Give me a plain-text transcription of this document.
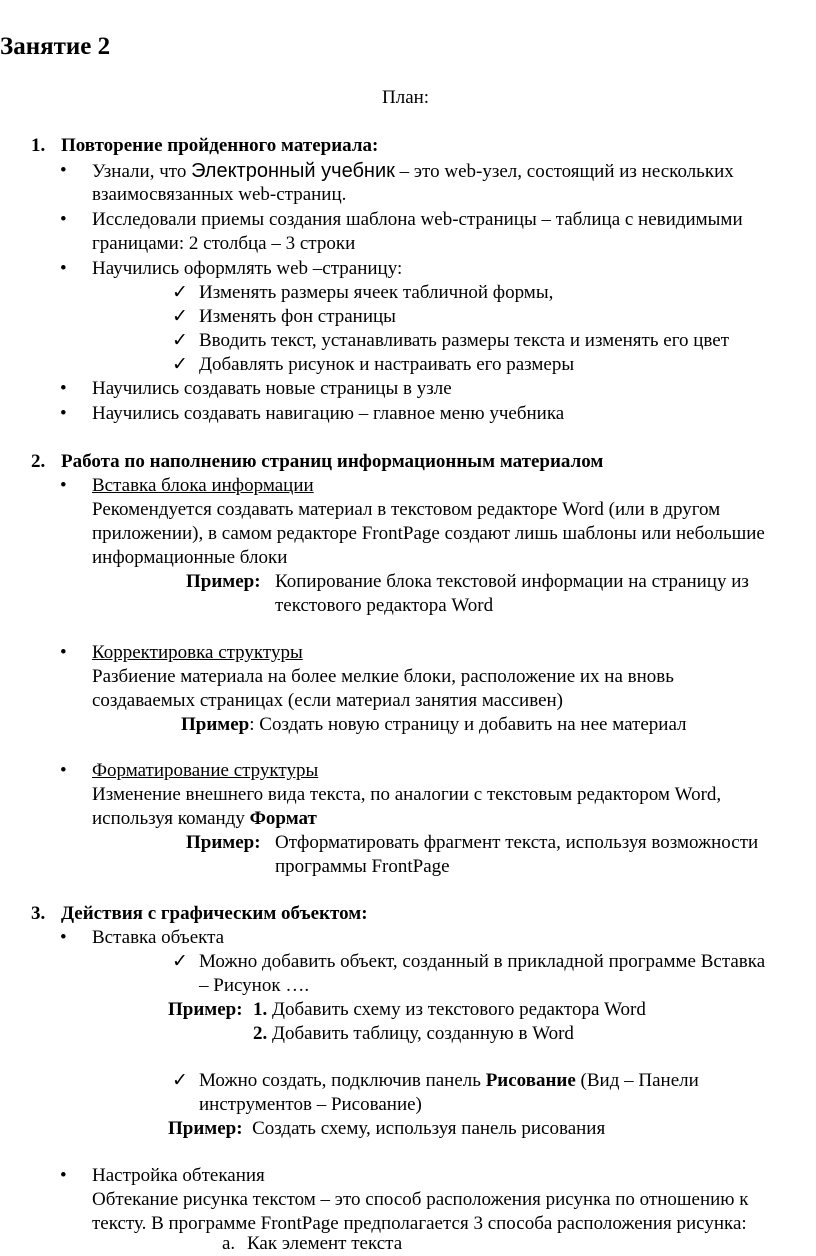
Занятие 2
План:
1. Повторение пройденного материала:
• Узнали, что Электронный учебник – это web-узел, состоящий из нескольких
взаимосвязанных web-страниц.
• Исследовали приемы создания шаблона web-страницы – таблица с невидимыми
границами: 2 столбца – 3 строки
• Научились оформлять web –страницу:
✓ Изменять размеры ячеек табличной формы,
✓ Изменять фон страницы
✓ Вводить текст, устанавливать размеры текста и изменять его цвет
✓ Добавлять рисунок и настраивать его размеры
• Научились создавать новые страницы в узле
• Научились создавать навигацию – главное меню учебника
2. Работа по наполнению страниц информационным материалом
• Вставка блока информации
Рекомендуется создавать материал в текстовом редакторе Word (или в другом
приложении), в самом редакторе FrontPage создают лишь шаблоны или небольшие
информационные блоки
Пример: Копирование блока текстовой информации на страницу из
текстового редактора Word
• Корректировка структуры
Разбиение материала на более мелкие блоки, расположение их на вновь
создаваемых страницах (если материал занятия массивен)
Пример: Создать новую страницу и добавить на нее материал
• Форматирование структуры
Изменение внешнего вида текста, по аналогии с текстовым редактором Word,
используя команду Формат
Пример: Отформатировать фрагмент текста, используя возможности
программы FrontPage
3. Действия с графическим объектом:
• Вставка объекта
✓ Можно добавить объект, созданный в прикладной программе Вставка
– Рисунок ….
Пример: 1. Добавить схему из текстового редактора Word
2. Добавить таблицу, созданную в Word
✓ Можно создать, подключив панель Рисование (Вид – Панели
инструментов – Рисование)
Пример:  Создать схему, используя панель рисования
• Настройка обтекания
Обтекание рисунка текстом – это способ расположения рисунка по отношению к
тексту. В программе FrontPage предполагается 3 способа расположения рисунка:
a. Как элемент текста
